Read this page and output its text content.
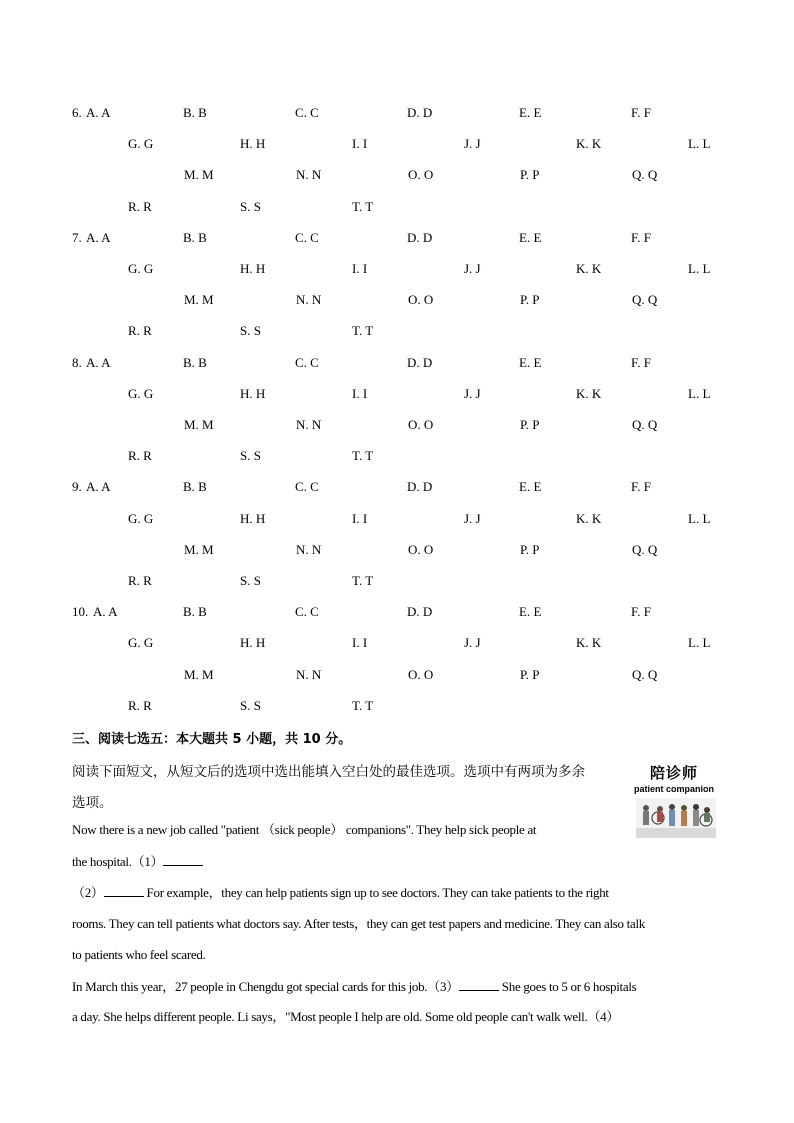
6. A. A	B. B	C. C	D. D	E. E	F. F
G. G	H. H	I. I	J. J	K. K	L. L
M. M	N. N	O. O	P. P	Q. Q
R. R	S. S	T. T
7. A. A	B. B	C. C	D. D	E. E	F. F
G. G	H. H	I. I	J. J	K. K	L. L
M. M	N. N	O. O	P. P	Q. Q
R. R	S. S	T. T
8. A. A	B. B	C. C	D. D	E. E	F. F
G. G	H. H	I. I	J. J	K. K	L. L
M. M	N. N	O. O	P. P	Q. Q
R. R	S. S	T. T
9. A. A	B. B	C. C	D. D	E. E	F. F
G. G	H. H	I. I	J. J	K. K	L. L
M. M	N. N	O. O	P. P	Q. Q
R. R	S. S	T. T
10. A. A	B. B	C. C	D. D	E. E	F. F
G. G	H. H	I. I	J. J	K. K	L. L
M. M	N. N	O. O	P. P	Q. Q
R. R	S. S	T. T
三、阅读七选五：本大题共 5 小题，共 10 分。
阅读下面短文，从短文后的选项中选出能填入空白处的最佳选项。选项中有两项为多余
选项。
陪诊师
patient companion
Now there is a new job called "patient （sick people） companions". They help sick people at
the hospital.（1）
（2）	For example，they can help patients sign up to see doctors. They can take patients to the right
rooms. They can tell patients what doctors say. After tests，they can get test papers and medicine. They can also talk
to patients who feel scared.
In March this year，27 people in Chengdu got special cards for this job.（3）	She goes to 5 or 6 hospitals
a day. She helps different people. Li says，"Most people I help are old. Some old people can't walk well.（4）
